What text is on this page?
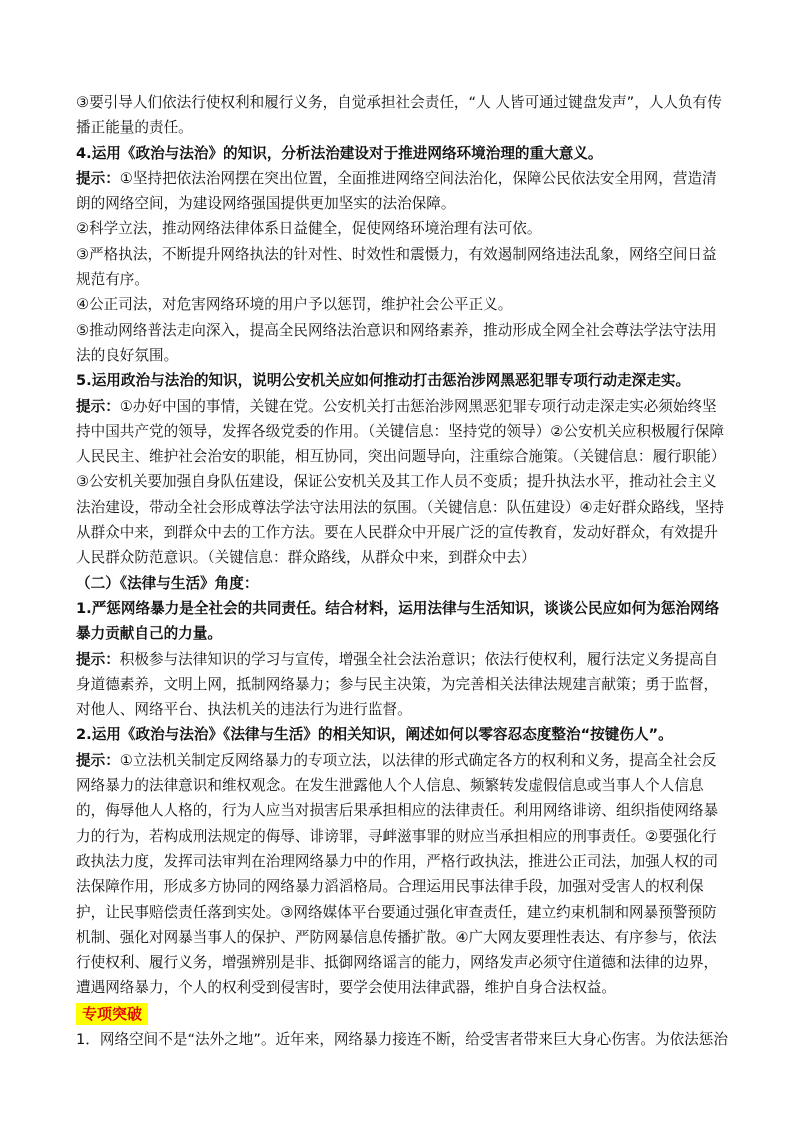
③要引导人们依法行使权利和履行义务，自觉承担社会责任，“人 人皆可通过键盘发声”，人人负有传播正能量的责任。

4.运用《政治与法治》的知识，分析法治建设对于推进网络环境治理的重大意义。

提示：①坚持把依法治网摆在突出位置，全面推进网络空间法治化，保障公民依法安全用网，营造清朗的网络空间，为建设网络强国提供更加坚实的法治保障。

②科学立法，推动网络法律体系日益健全，促使网络环境治理有法可依。

③严格执法，不断提升网络执法的针对性、时效性和震慑力，有效遏制网络违法乱象，网络空间日益规范有序。

④公正司法，对危害网络环境的用户予以惩罚，维护社会公平正义。

⑤推动网络普法走向深入，提高全民网络法治意识和网络素养，推动形成全网全社会尊法学法守法用法的良好氛围。

5.运用政治与法治的知识，说明公安机关应如何推动打击惩治涉网黑恶犯罪专项行动走深走实。

提示：①办好中国的事情，关键在党。公安机关打击惩治涉网黑恶犯罪专项行动走深走实必须始终坚持中国共产党的领导，发挥各级党委的作用。（关键信息：坚持党的领导）②公安机关应积极履行保障人民民主、维护社会治安的职能，相互协同，突出问题导向，注重综合施策。（关键信息：履行职能）③公安机关要加强自身队伍建设，保证公安机关及其工作人员不变质；提升执法水平，推动社会主义法治建设，带动全社会形成尊法学法守法用法的氛围。（关键信息：队伍建设）④走好群众路线，坚持从群众中来，到群众中去的工作方法。要在人民群众中开展广泛的宣传教育，发动好群众，有效提升人民群众防范意识。（关键信息：群众路线，从群众中来，到群众中去）

（二）《法律与生活》角度：

1.严惩网络暴力是全社会的共同责任。结合材料，运用法律与生活知识，谈谈公民应如何为惩治网络暴力贡献自己的力量。

提示：积极参与法律知识的学习与宣传，增强全社会法治意识；依法行使权利，履行法定义务提高自身道德素养，文明上网，抵制网络暴力；参与民主决策，为完善相关法律法规建言献策；勇于监督，对他人、网络平台、执法机关的违法行为进行监督。

2.运用《政治与法治》《法律与生活》的相关知识，阐述如何以零容忍态度整治“按键伤人”。

提示：①立法机关制定反网络暴力的专项立法，以法律的形式确定各方的权利和义务，提高全社会反网络暴力的法律意识和维权观念。在发生泄露他人个人信息、频繁转发虚假信息或当事人个人信息的，侮辱他人人格的，行为人应当对损害后果承担相应的法律责任。利用网络诽谤、组织指使网络暴力的行为，若构成刑法规定的侮辱、诽谤罪，寻衅滋事罪的财应当承担相应的刑事责任。②要强化行政执法力度，发挥司法审判在治理网络暴力中的作用，严格行政执法，推进公正司法，加强人权的司法保障作用，形成多方协同的网络暴力滔滔格局。合理运用民事法律手段，加强对受害人的权利保护，让民事赔偿责任落到实处。③网络媒体平台要通过强化审查责任，建立约束机制和网暴预警预防机制、强化对网暴当事人的保护、严防网暴信息传播扩散。④广大网友要理性表达、有序参与，依法行使权利、履行义务，增强辨别是非、抵御网络谣言的能力，网络发声必须守住道德和法律的边界，遭遇网络暴力，个人的权利受到侵害时，要学会使用法律武器，维护自身合法权益。

专项突破

1．网络空间不是“法外之地”。近年来，网络暴力接连不断，给受害者带来巨大身心伤害。为依法惩治
